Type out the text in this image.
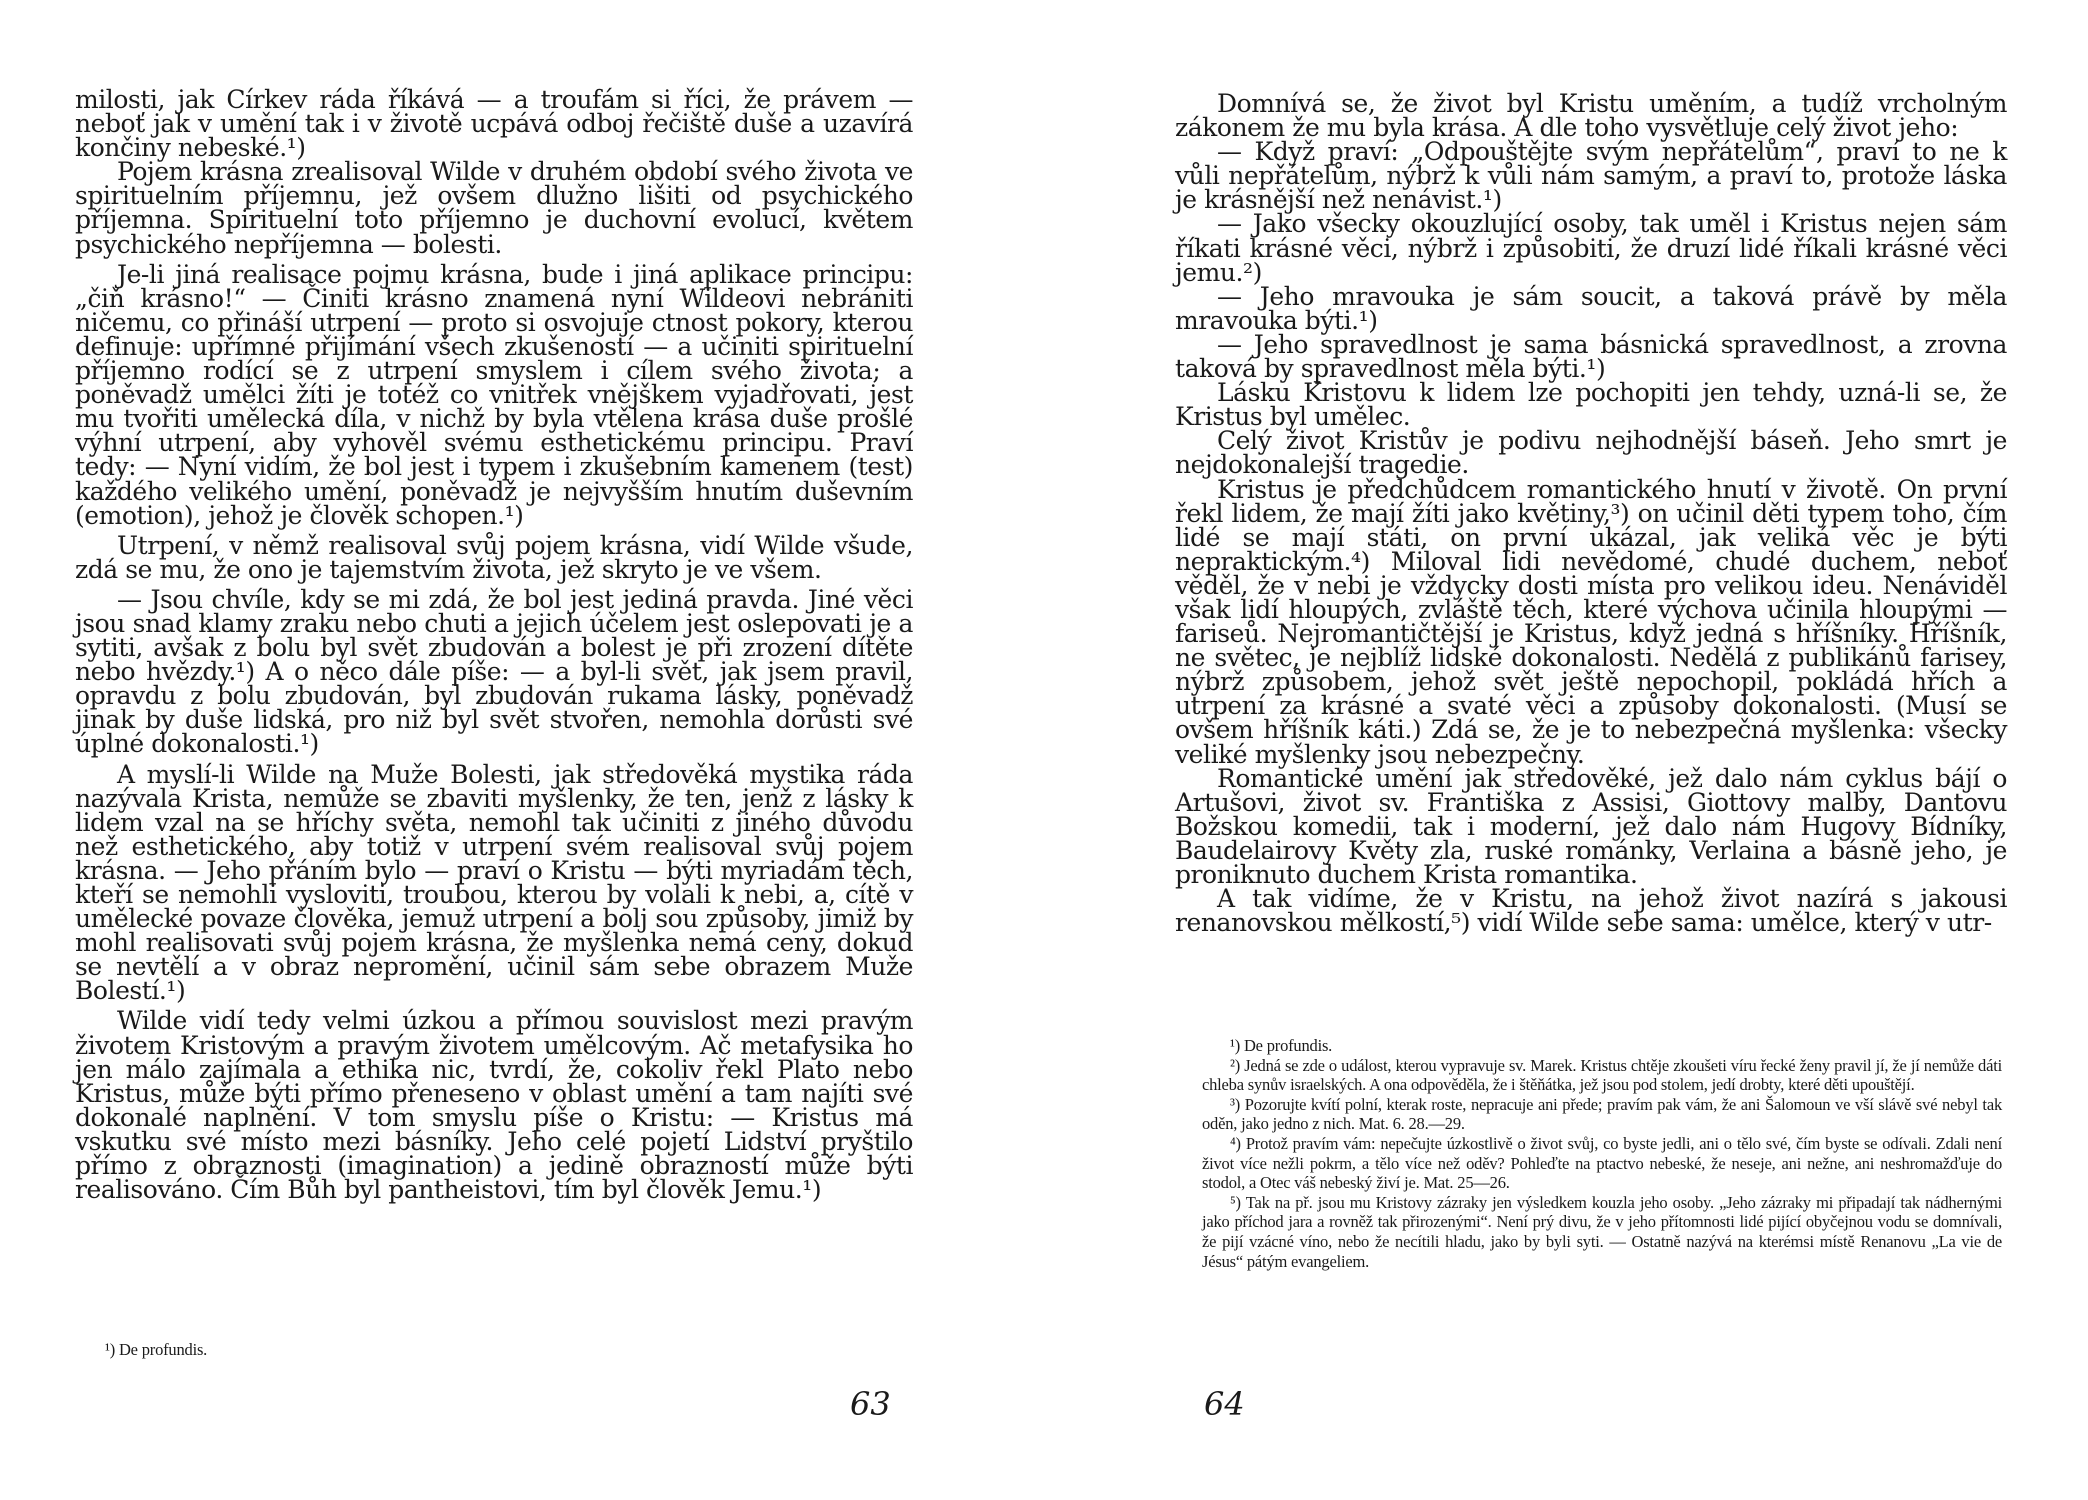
milosti, jak Církev ráda říkává — a troufám si říci, že právem — neboť jak v umění tak i v životě ucpává odboj řečiště duše a uzavírá končiny nebeské.¹)

Pojem krásna zrealisoval Wilde v druhém období svého života ve spirituelním příjemnu, jež ovšem dlužno lišiti od psychického příjemna. Spirituelní toto příjemno je duchovní evolucí, květem psychického nepříjemna — bolesti.

Je-li jiná realisace pojmu krásna, bude i jiná aplikace principu: „čiň krásno!“ — Činiti krásno znamená nyní Wildeovi nebrániti ničemu, co přináší utrpení — proto si osvojuje ctnost pokory, kterou definuje: upřímné přijímání všech zkušeností — a učiniti spirituelní příjemno rodící se z utrpení smyslem i cílem svého života; a poněvadž umělci žíti je totéž co vnitřek vnějškem vyjadřovati, jest mu tvořiti umělecká díla, v nichž by byla vtělena krása duše prošlé výhní utrpení, aby vyhověl svému esthetickému principu. Praví tedy: — Nyní vidím, že bol jest i typem i zkušebním kamenem (test) každého velikého umění, poněvadž je nejvyšším hnutím duševním (emotion), jehož je člověk schopen.¹)

Utrpení, v němž realisoval svůj pojem krásna, vidí Wilde všude, zdá se mu, že ono je tajemstvím života, jež skryto je ve všem.

— Jsou chvíle, kdy se mi zdá, že bol jest jediná pravda. Jiné věci jsou snad klamy zraku nebo chuti a jejich účelem jest oslepovati je a sytiti, avšak z bolu byl svět zbudován a bolest je při zrození dítěte nebo hvězdy.¹) A o něco dále píše: — a byl-li svět, jak jsem pravil, opravdu z bolu zbudován, byl zbudován rukama lásky, poněvadž jinak by duše lidská, pro niž byl svět stvořen, nemohla dorůsti své úplné dokonalosti.¹)

A myslí-li Wilde na Muže Bolesti, jak středověká mystika ráda nazývala Krista, nemůže se zbaviti myšlenky, že ten, jenž z lásky k lidem vzal na se hříchy světa, nemohl tak učiniti z jiného důvodu než esthetického, aby totiž v utrpení svém realisoval svůj pojem krásna. — Jeho přáním bylo — praví o Kristu — býti myriadám těch, kteří se nemohli vysloviti, troubou, kterou by volali k nebi, a, cítě v umělecké povaze člověka, jemuž utrpení a bolj sou způsoby, jimiž by mohl realisovati svůj pojem krásna, že myšlenka nemá ceny, dokud se nevtělí a v obraz nepromění, učinil sám sebe obrazem Muže Bolestí.¹)

Wilde vidí tedy velmi úzkou a přímou souvislost mezi pravým životem Kristovým a pravým životem umělcovým. Ač metafysika ho jen málo zajímala a ethika nic, tvrdí, že, cokoliv řekl Plato nebo Kristus, může býti přímo přeneseno v oblast umění a tam najíti své dokonalé naplnění. V tom smyslu píše o Kristu: — Kristus má vskutku své místo mezi básníky. Jeho celé pojetí Lidství pryštilo přímo z obraznosti (imagination) a jedině obrazností může býti realisováno. Čím Bůh byl pantheistovi, tím byl člověk Jemu.¹)

¹) De profundis.

63

Domnívá se, že život byl Kristu uměním, a tudíž vrcholným zákonem že mu byla krása. A dle toho vysvětluje celý život jeho:

— Když praví: „Odpouštějte svým nepřátelům“, praví to ne k vůli nepřátelům, nýbrž k vůli nám samým, a praví to, protože láska je krásnější než nenávist.¹)

— Jako všecky okouzlující osoby, tak uměl i Kristus nejen sám říkati krásné věci, nýbrž i způsobiti, že druzí lidé říkali krásné věci jemu.²)

— Jeho mravouka je sám soucit, a taková právě by měla mravouka býti.¹)

— Jeho spravedlnost je sama básnická spravedlnost, a zrovna taková by spravedlnost měla býti.¹)

Lásku Kristovu k lidem lze pochopiti jen tehdy, uzná-li se, že Kristus byl umělec.

Celý život Kristův je podivu nejhodnější báseň. Jeho smrt je nejdokonalejší tragedie.

Kristus je předchůdcem romantického hnutí v životě. On první řekl lidem, že mají žíti jako květiny,³) on učinil děti typem toho, čím lidé se mají státi, on první ukázal, jak veliká věc je býti nepraktickým.⁴) Miloval lidi nevědomé, chudé duchem, neboť věděl, že v nebi je vždycky dosti místa pro velikou ideu. Nenáviděl však lidí hloupých, zvláště těch, které výchova učinila hloupými — fariseů. Nejromantičtější je Kristus, když jedná s hříšníky. Hříšník, ne světec, je nejblíž lidské dokonalosti. Nedělá z publikánů farisey, nýbrž způsobem, jehož svět ještě nepochopil, pokládá hřích a utrpení za krásné a svaté věci a způsoby dokonalosti. (Musí se ovšem hříšník káti.) Zdá se, že je to nebezpečná myšlenka: všecky veliké myšlenky jsou nebezpečny.

Romantické umění jak středověké, jež dalo nám cyklus bájí o Artušovi, život sv. Františka z Assisi, Giottovy malby, Dantovu Božskou komedii, tak i moderní, jež dalo nám Hugovy Bídníky, Baudelairovy Květy zla, ruské románky, Verlaina a básně jeho, je proniknuto duchem Krista romantika.

A tak vidíme, že v Kristu, na jehož život nazírá s jakousi renanovskou mělkostí,⁵) vidí Wilde sebe sama: umělce, který v utr-

¹) De profundis.

²) Jedná se zde o událost, kterou vypravuje sv. Marek. Kristus chtěje zkoušeti víru řecké ženy pravil jí, že jí nemůže dáti chleba synův israelských. A ona odpověděla, že i štěňátka, jež jsou pod stolem, jedí drobty, které děti upouštějí.

³) Pozorujte kvítí polní, kterak roste, nepracuje ani přede; pravím pak vám, že ani Šalomoun ve vší slávě své nebyl tak oděn, jako jedno z nich. Mat. 6. 28.—29.

⁴) Protož pravím vám: nepečujte úzkostlivě o život svůj, co byste jedli, ani o tělo své, čím byste se odívali. Zdali není život více nežli pokrm, a tělo více než oděv? Pohleďte na ptactvo nebeské, že neseje, ani nežne, ani neshromažďuje do stodol, a Otec váš nebeský živí je. Mat. 25—26.

⁵) Tak na př. jsou mu Kristovy zázraky jen výsledkem kouzla jeho osoby. „Jeho zázraky mi připadají tak nádhernými jako příchod jara a rovněž tak přirozenými“. Není prý divu, že v jeho přítomnosti lidé pijící obyčejnou vodu se domnívali, že pijí vzácné víno, nebo že necítili hladu, jako by byli syti. — Ostatně nazývá na kterémsi místě Renanovu „La vie de Jésus“ pátým evangeliem.

64
